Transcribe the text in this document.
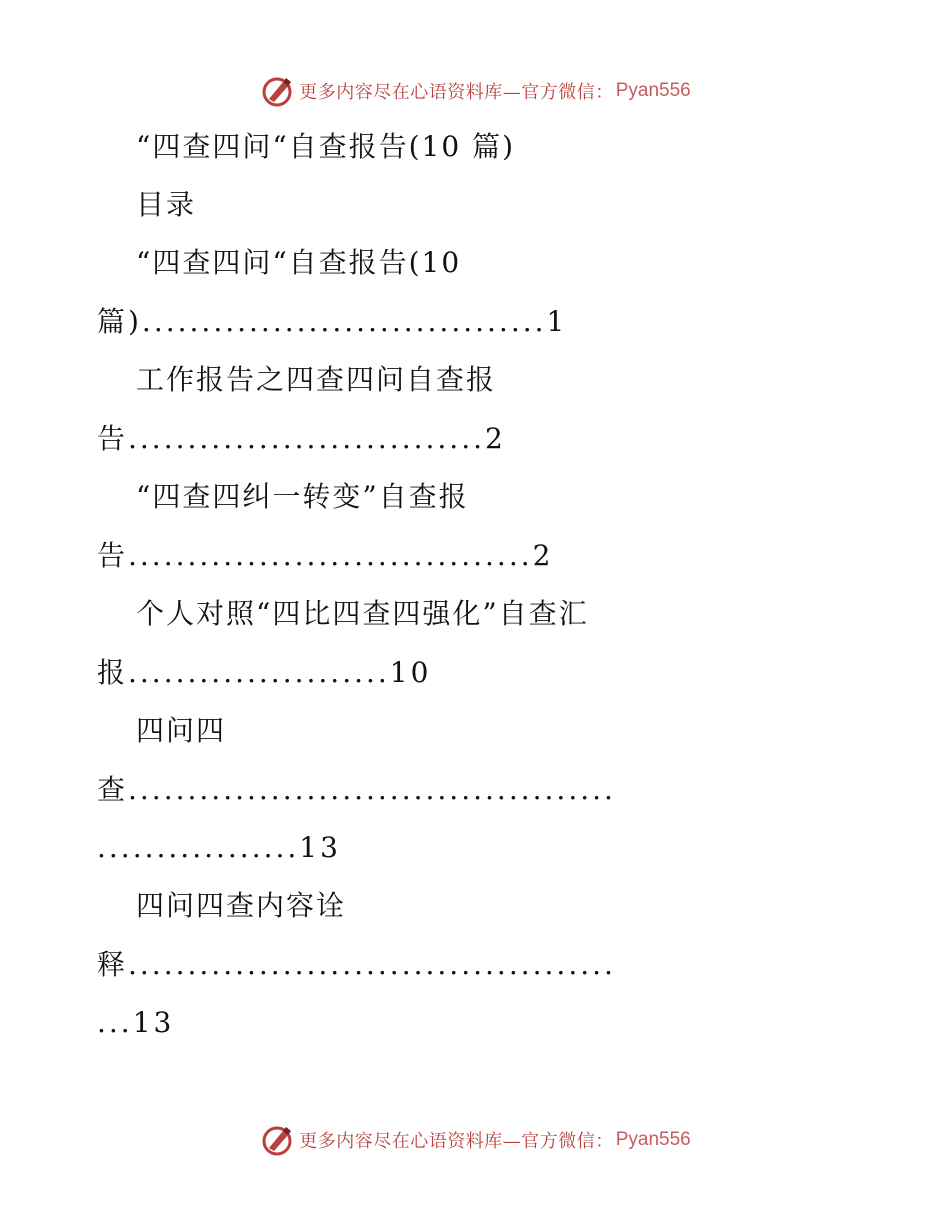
更多内容尽在心语资料库—官方微信： Pyan556
“四查四问“自查报告(10 篇)
目录
“四查四问“自查报告(10
篇)..................................1
工作报告之四查四问自查报
告..............................2
“四查四纠一转变”自查报
告..................................2
个人对照“四比四查四强化”自查汇
报......................10
四问四
查.........................................
.................13
四问四查内容诠
释.........................................
...13
更多内容尽在心语资料库—官方微信： Pyan556
